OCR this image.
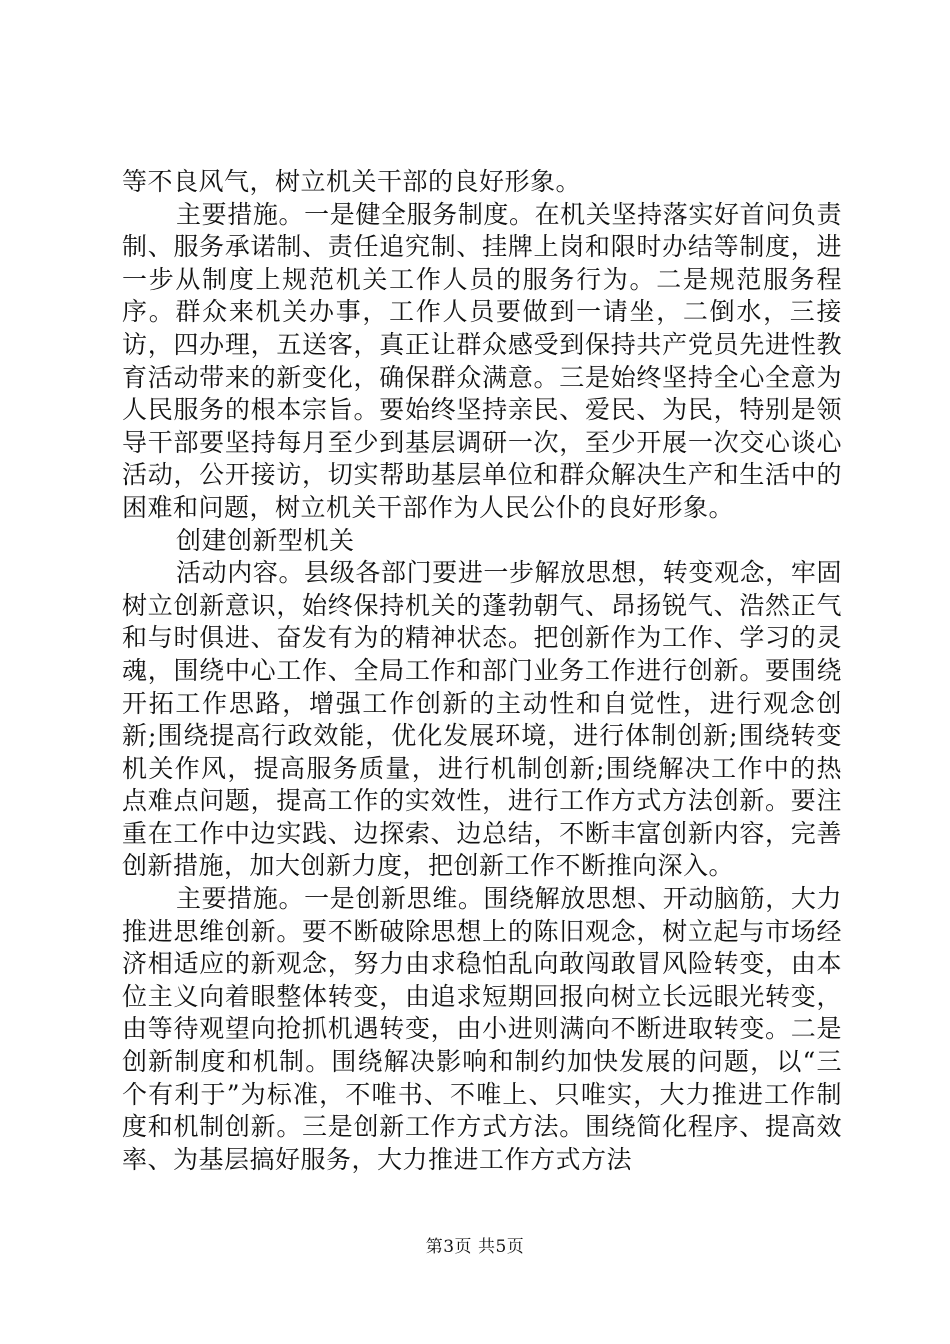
等不良风气，树立机关干部的良好形象。

主要措施。一是健全服务制度。在机关坚持落实好首问负责制、服务承诺制、责任追究制、挂牌上岗和限时办结等制度，进一步从制度上规范机关工作人员的服务行为。二是规范服务程序。群众来机关办事，工作人员要做到一请坐，二倒水，三接访，四办理，五送客，真正让群众感受到保持共产党员先进性教育活动带来的新变化，确保群众满意。三是始终坚持全心全意为人民服务的根本宗旨。要始终坚持亲民、爱民、为民，特别是领导干部要坚持每月至少到基层调研一次，至少开展一次交心谈心活动，公开接访，切实帮助基层单位和群众解决生产和生活中的困难和问题，树立机关干部作为人民公仆的良好形象。

创建创新型机关

活动内容。县级各部门要进一步解放思想，转变观念，牢固树立创新意识，始终保持机关的蓬勃朝气、昂扬锐气、浩然正气和与时俱进、奋发有为的精神状态。把创新作为工作、学习的灵魂，围绕中心工作、全局工作和部门业务工作进行创新。要围绕开拓工作思路，增强工作创新的主动性和自觉性，进行观念创新;围绕提高行政效能，优化发展环境，进行体制创新;围绕转变机关作风，提高服务质量，进行机制创新;围绕解决工作中的热点难点问题，提高工作的实效性，进行工作方式方法创新。要注重在工作中边实践、边探索、边总结，不断丰富创新内容，完善创新措施，加大创新力度，把创新工作不断推向深入。

主要措施。一是创新思维。围绕解放思想、开动脑筋，大力推进思维创新。要不断破除思想上的陈旧观念，树立起与市场经济相适应的新观念，努力由求稳怕乱向敢闯敢冒风险转变，由本位主义向着眼整体转变，由追求短期回报向树立长远眼光转变，由等待观望向抢抓机遇转变，由小进则满向不断进取转变。二是创新制度和机制。围绕解决影响和制约加快发展的问题，以“三个有利于”为标准，不唯书、不唯上、只唯实，大力推进工作制度和机制创新。三是创新工作方式方法。围绕简化程序、提高效率、为基层搞好服务，大力推进工作方式方法

第3页 共5页
